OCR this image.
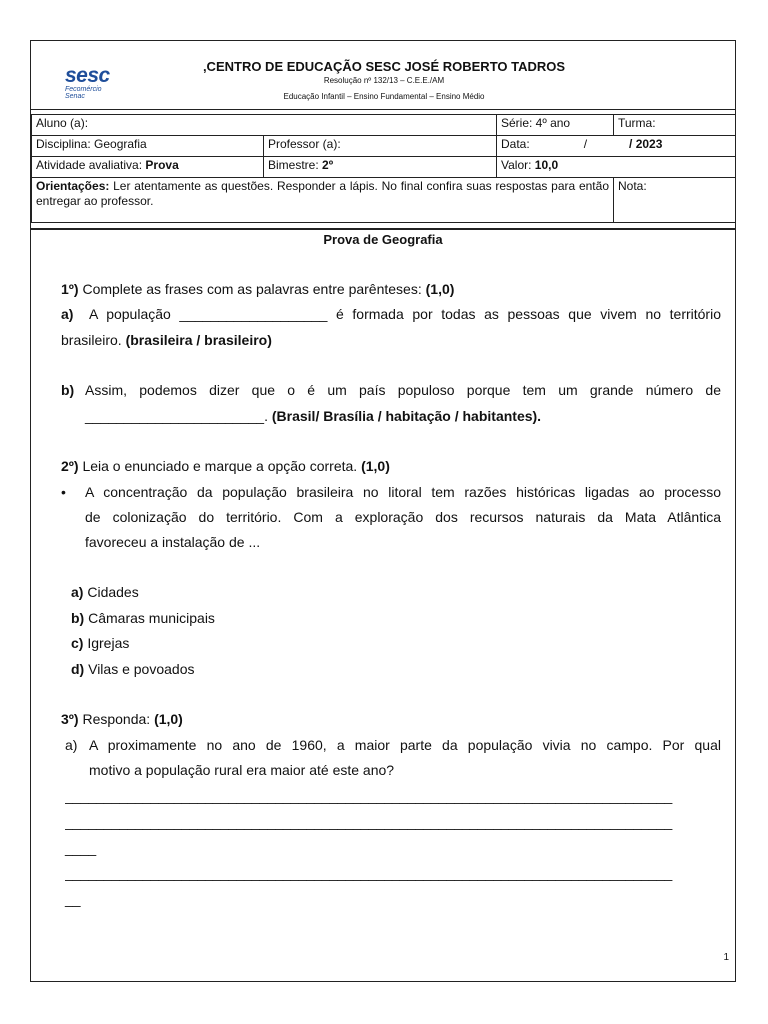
sesc
Fecomércio
Senac
,CENTRO DE EDUCAÇÃO SESC JOSÉ ROBERTO TADROS
Resolução nº 132/13 – C.E.E./AM
Educação Infantil – Ensino Fundamental – Ensino Médio
Aluno (a):		Série: 4º ano	Turma:
Disciplina: Geografia	Professor (a):	Data: / / 2023	
Atividade avaliativa: Prova	Bimestre: 2º	Valor: 10,0	
Orientações: Ler atentamente as questões. Responder a lápis. No final confira suas respostas para então entregar ao professor.			Nota:
Prova de Geografia
1º) Complete as frases com as palavras entre parênteses: (1,0)
a) A população ___________________ é formada por todas as pessoas que vivem no território
brasileiro. (brasileira / brasileiro)
b) Assim, podemos dizer que o é um país populoso porque tem um grande número de
_______________________. (Brasil/ Brasília / habitação / habitantes).
2º) Leia o enunciado e marque a opção correta. (1,0)
• A concentração da população brasileira no litoral tem razões históricas ligadas ao processo
de colonização do território. Com a exploração dos recursos naturais da Mata Atlântica
favoreceu a instalação de ...
a) Cidades
b) Câmaras municipais
c) Igrejas
d) Vilas e povoados
3º) Responda: (1,0)
a) A proximamente no ano de 1960, a maior parte da população vivia no campo. Por qual
motivo a população rural era maior até este ano?
______________________________________________________________________________
______________________________________________________________________________
____
______________________________________________________________________________
__
1
